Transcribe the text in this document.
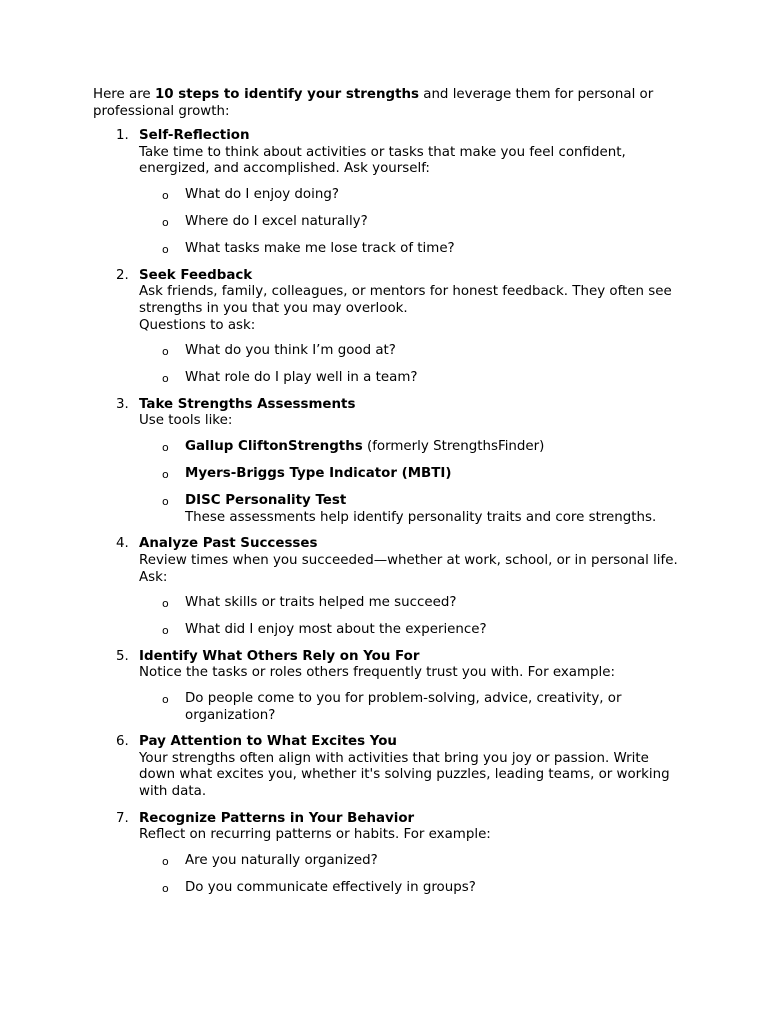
Here are 10 steps to identify your strengths and leverage them for personal or professional growth:

1. Self-Reflection
Take time to think about activities or tasks that make you feel confident, energized, and accomplished. Ask yourself:
o What do I enjoy doing?
o Where do I excel naturally?
o What tasks make me lose track of time?
2. Seek Feedback
Ask friends, family, colleagues, or mentors for honest feedback. They often see strengths in you that you may overlook.
Questions to ask:
o What do you think I’m good at?
o What role do I play well in a team?
3. Take Strengths Assessments
Use tools like:
o Gallup CliftonStrengths (formerly StrengthsFinder)
o Myers-Briggs Type Indicator (MBTI)
o DISC Personality Test
These assessments help identify personality traits and core strengths.
4. Analyze Past Successes
Review times when you succeeded—whether at work, school, or in personal life. Ask:
o What skills or traits helped me succeed?
o What did I enjoy most about the experience?
5. Identify What Others Rely on You For
Notice the tasks or roles others frequently trust you with. For example:
o Do people come to you for problem-solving, advice, creativity, or organization?
6. Pay Attention to What Excites You
Your strengths often align with activities that bring you joy or passion. Write down what excites you, whether it's solving puzzles, leading teams, or working with data.
7. Recognize Patterns in Your Behavior
Reflect on recurring patterns or habits. For example:
o Are you naturally organized?
o Do you communicate effectively in groups?
